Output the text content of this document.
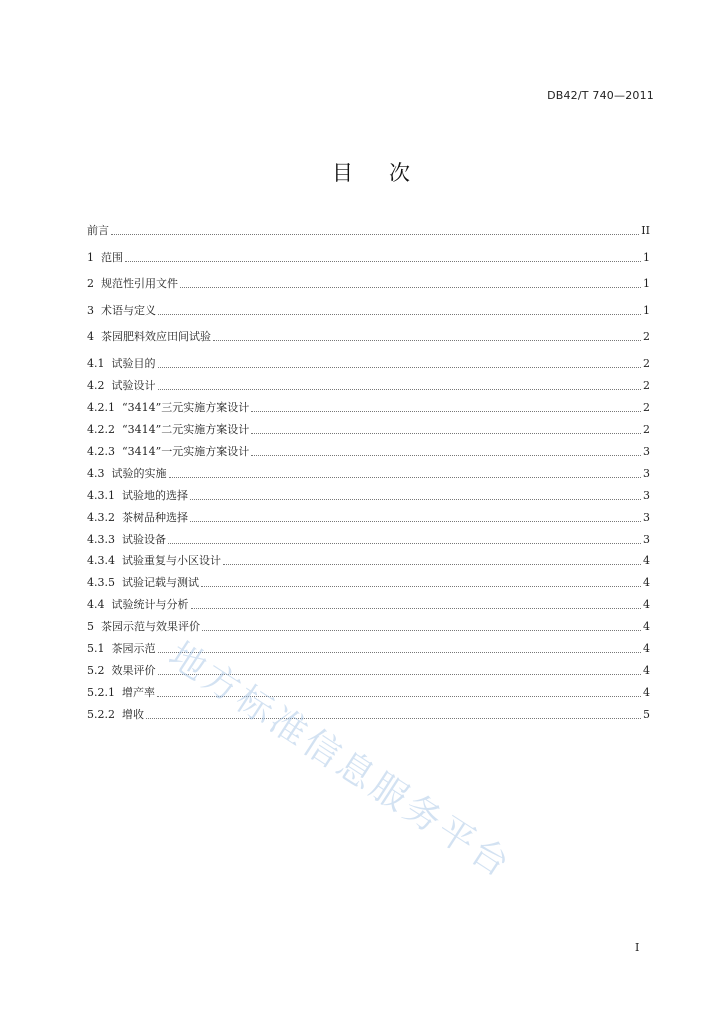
DB42/T 740—2011
目 次
前言	II
1 范围	1
2 规范性引用文件	1
3 术语与定义	1
4 茶园肥料效应田间试验	2
4.1 试验目的	2
4.2 试验设计	2
4.2.1 “3414”三元实施方案设计	2
4.2.2 “3414”二元实施方案设计	2
4.2.3 “3414”一元实施方案设计	3
4.3 试验的实施	3
4.3.1 试验地的选择	3
4.3.2 茶树品种选择	3
4.3.3 试验设备	3
4.3.4 试验重复与小区设计	4
4.3.5 试验记载与测试	4
4.4 试验统计与分析	4
5 茶园示范与效果评价	4
5.1 茶园示范	4
5.2 效果评价	4
5.2.1 增产率	4
5.2.2 增收	5
地方标准信息服务平台
I
